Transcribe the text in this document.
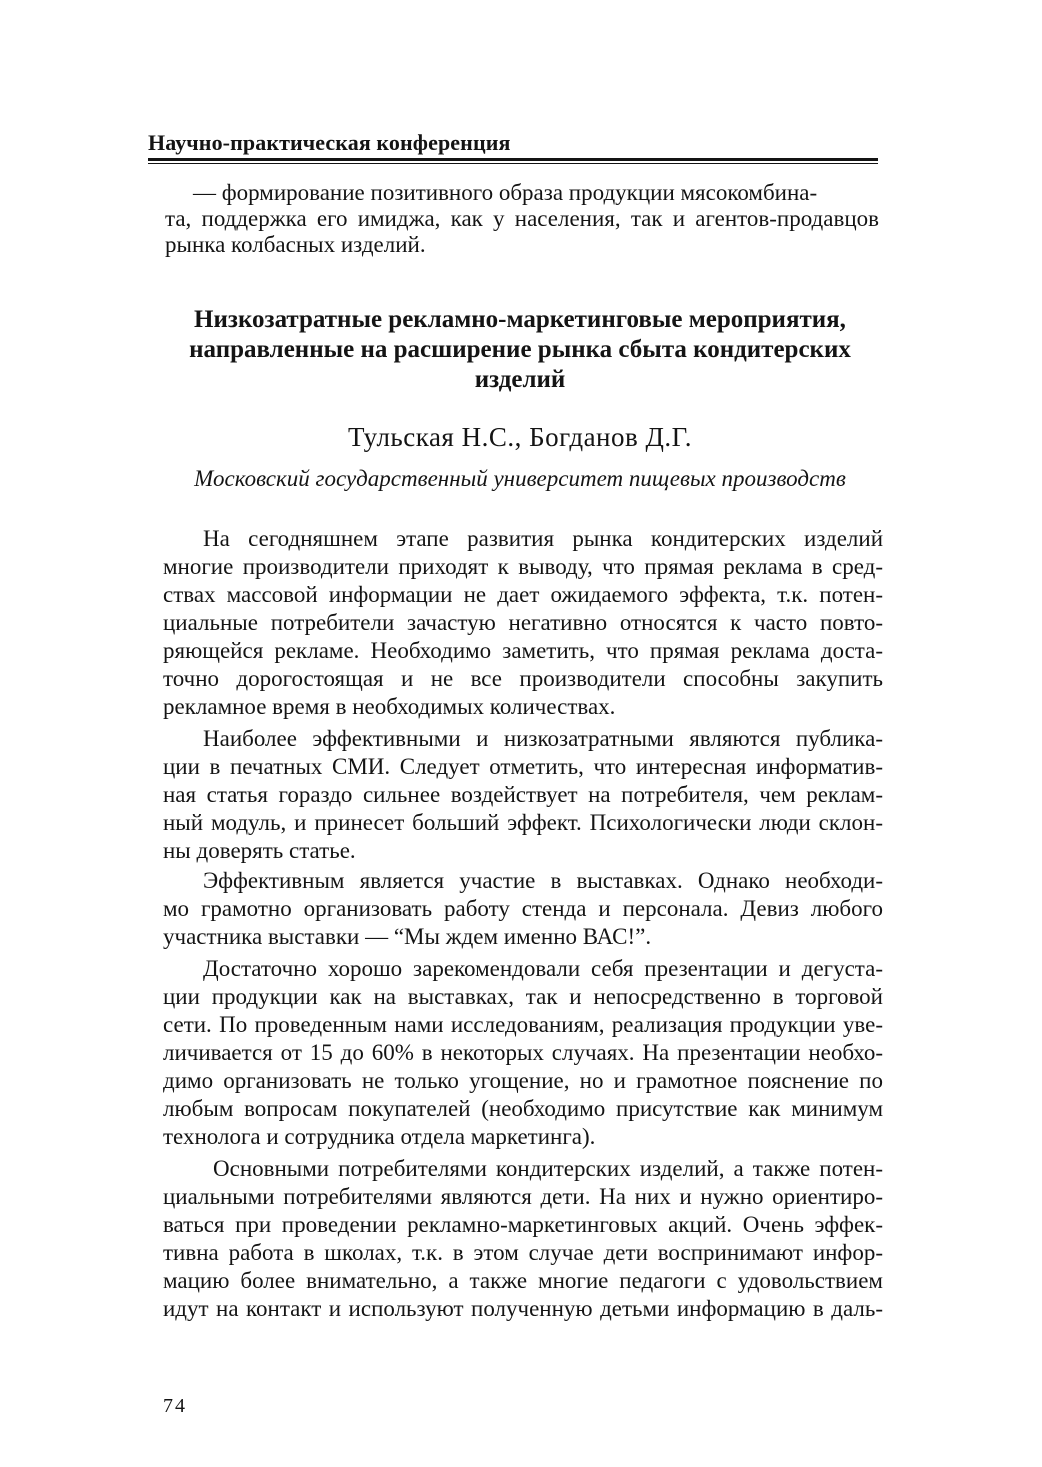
Научно-практическая конференция
— формирование позитивного образа продукции мясокомбина-
та, поддержка его имиджа, как у населения, так и агентов-продавцов
рынка колбасных изделий.
Низкозатратные рекламно-маркетинговые мероприятия,
направленные на расширение рынка сбыта кондитерских
изделий
Тульская Н.С., Богданов Д.Г.
Московский государственный университет пищевых производств
На сегодняшнем этапе развития рынка кондитерских изделий
многие производители приходят к выводу, что прямая реклама в сред-
ствах массовой информации не дает ожидаемого эффекта, т.к. потен-
циальные потребители зачастую негативно относятся к часто повто-
ряющейся рекламе. Необходимо заметить, что прямая реклама доста-
точно дорогостоящая и не все производители способны закупить
рекламное время в необходимых количествах.
Наиболее эффективными и низкозатратными являются публика-
ции в печатных СМИ. Следует отметить, что интересная информатив-
ная статья гораздо сильнее воздействует на потребителя, чем реклам-
ный модуль, и принесет больший эффект. Психологически люди склон-
ны доверять статье.
Эффективным является участие в выставках. Однако необходи-
мо грамотно организовать работу стенда и персонала. Девиз любого
участника выставки — “Мы ждем именно ВАС!”.
Достаточно хорошо зарекомендовали себя презентации и дегуста-
ции продукции как на выставках, так и непосредственно в торговой
сети. По проведенным нами исследованиям, реализация продукции уве-
личивается от 15 до 60% в некоторых случаях. На презентации необхо-
димо организовать не только угощение, но и грамотное пояснение по
любым вопросам покупателей (необходимо присутствие как минимум
технолога и сотрудника отдела маркетинга).
Основными потребителями кондитерских изделий, а также потен-
циальными потребителями являются дети. На них и нужно ориентиро-
ваться при проведении рекламно-маркетинговых акций. Очень эффек-
тивна работа в школах, т.к. в этом случае дети воспринимают инфор-
мацию более внимательно, а также многие педагоги с удовольствием
идут на контакт и используют полученную детьми информацию в даль-
74
